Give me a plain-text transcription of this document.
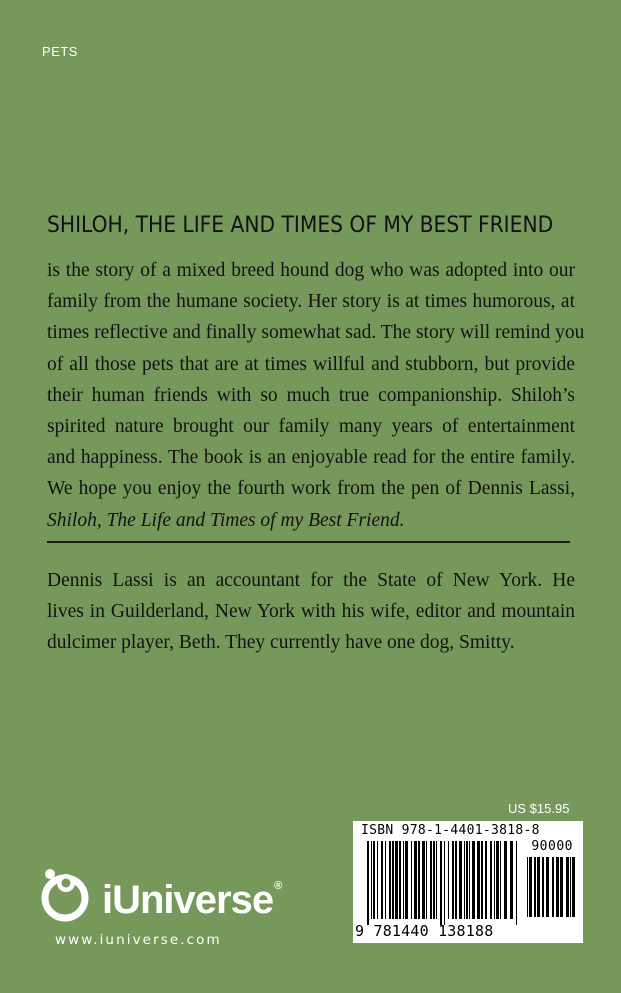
PETS
SHILOH, THE LIFE AND TIMES OF MY BEST FRIEND
is the story of a mixed breed hound dog who was adopted into our
family from the humane society. Her story is at times humorous, at
times reflective and finally somewhat sad. The story will remind you
of all those pets that are at times willful and stubborn, but provide
their human friends with so much true companionship. Shiloh’s
spirited nature brought our family many years of entertainment
and happiness. The book is an enjoyable read for the entire family.
We hope you enjoy the fourth work from the pen of Dennis Lassi,
Shiloh, The Life and Times of my Best Friend.
Dennis Lassi is an accountant for the State of New York. He
lives in Guilderland, New York with his wife, editor and mountain
dulcimer player, Beth. They currently have one dog, Smitty.
US $15.95
ISBN 978-1-4401-3818-8
90000
9 781440 138188
iUniverse®
www.iuniverse.com
